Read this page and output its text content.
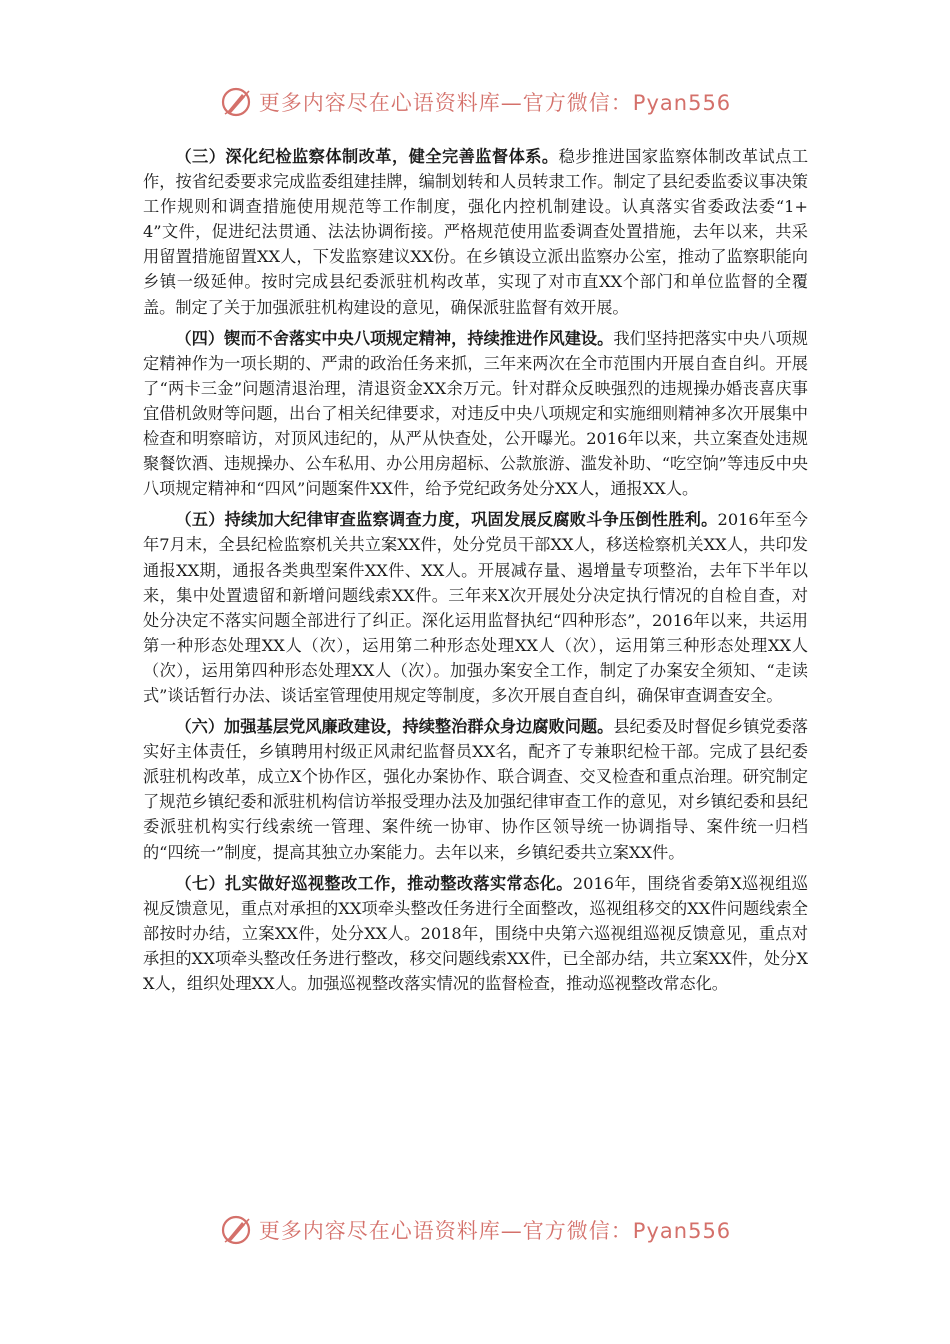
更多内容尽在心语资料库—官方微信：Pyan556

（三）深化纪检监察体制改革，健全完善监督体系。稳步推进国家监察体制改革试点工作，按省纪委要求完成监委组建挂牌，编制划转和人员转隶工作。制定了县纪委监委议事决策工作规则和调查措施使用规范等工作制度，强化内控机制建设。认真落实省委政法委“1+4”文件，促进纪法贯通、法法协调衔接。严格规范使用监委调查处置措施，去年以来，共采用留置措施留置XX人，下发监察建议XX份。在乡镇设立派出监察办公室，推动了监察职能向乡镇一级延伸。按时完成县纪委派驻机构改革，实现了对市直XX个部门和单位监督的全覆盖。制定了关于加强派驻机构建设的意见，确保派驻监督有效开展。

（四）锲而不舍落实中央八项规定精神，持续推进作风建设。我们坚持把落实中央八项规定精神作为一项长期的、严肃的政治任务来抓，三年来两次在全市范围内开展自查自纠。开展了“两卡三金”问题清退治理，清退资金XX余万元。针对群众反映强烈的违规操办婚丧喜庆事宜借机敛财等问题，出台了相关纪律要求，对违反中央八项规定和实施细则精神多次开展集中检查和明察暗访，对顶风违纪的，从严从快查处，公开曝光。2016年以来，共立案查处违规聚餐饮酒、违规操办、公车私用、办公用房超标、公款旅游、滥发补助、“吃空饷”等违反中央八项规定精神和“四风”问题案件XX件，给予党纪政务处分XX人，通报XX人。

（五）持续加大纪律审查监察调查力度，巩固发展反腐败斗争压倒性胜利。2016年至今年7月末，全县纪检监察机关共立案XX件，处分党员干部XX人，移送检察机关XX人，共印发通报XX期，通报各类典型案件XX件、XX人。开展减存量、遏增量专项整治，去年下半年以来，集中处置遗留和新增问题线索XX件。三年来X次开展处分决定执行情况的自检自查，对处分决定不落实问题全部进行了纠正。深化运用监督执纪“四种形态”，2016年以来，共运用第一种形态处理XX人（次），运用第二种形态处理XX人（次），运用第三种形态处理XX人（次），运用第四种形态处理XX人（次）。加强办案安全工作，制定了办案安全须知、“走读式”谈话暂行办法、谈话室管理使用规定等制度，多次开展自查自纠，确保审查调查安全。

（六）加强基层党风廉政建设，持续整治群众身边腐败问题。县纪委及时督促乡镇党委落实好主体责任，乡镇聘用村级正风肃纪监督员XX名，配齐了专兼职纪检干部。完成了县纪委派驻机构改革，成立X个协作区，强化办案协作、联合调查、交叉检查和重点治理。研究制定了规范乡镇纪委和派驻机构信访举报受理办法及加强纪律审查工作的意见，对乡镇纪委和县纪委派驻机构实行线索统一管理、案件统一协审、协作区领导统一协调指导、案件统一归档的“四统一”制度，提高其独立办案能力。去年以来，乡镇纪委共立案XX件。

（七）扎实做好巡视整改工作，推动整改落实常态化。2016年，围绕省委第X巡视组巡视反馈意见，重点对承担的XX项牵头整改任务进行全面整改，巡视组移交的XX件问题线索全部按时办结，立案XX件，处分XX人。2018年，围绕中央第六巡视组巡视反馈意见，重点对承担的XX项牵头整改任务进行整改，移交问题线索XX件，已全部办结，共立案XX件，处分XX人，组织处理XX人。加强巡视整改落实情况的监督检查，推动巡视整改常态化。

更多内容尽在心语资料库—官方微信：Pyan556
